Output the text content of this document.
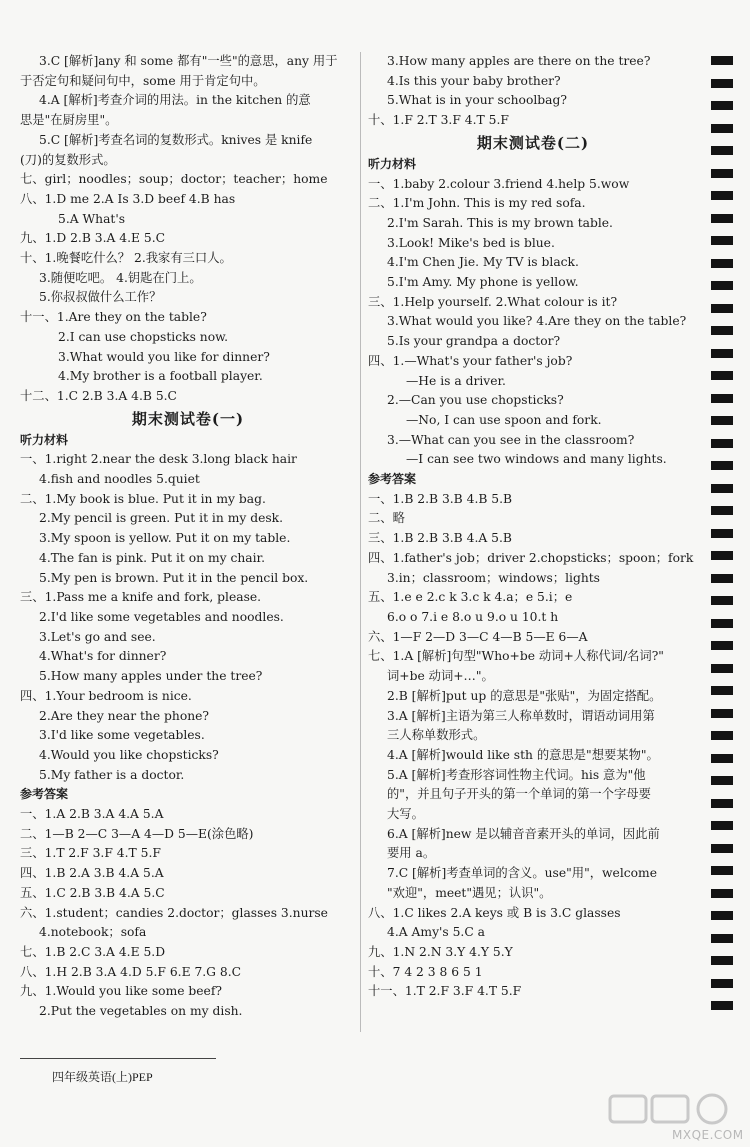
3.C [解析]any 和 some 都有"一些"的意思，any 用于
于否定句和疑问句中，some 用于肯定句中。
4.A [解析]考查介词的用法。in the kitchen 的意
思是"在厨房里"。
5.C [解析]考查名词的复数形式。knives 是 knife
(刀)的复数形式。
七、girl；noodles；soup；doctor；teacher；home
八、1.D me 2.A Is 3.D beef 4.B has
5.A What's
九、1.D 2.B 3.A 4.E 5.C
十、1.晚餐吃什么？ 2.我家有三口人。
3.随便吃吧。 4.钥匙在门上。
5.你叔叔做什么工作？
十一、1.Are they on the table?
2.I can use chopsticks now.
3.What would you like for dinner?
4.My brother is a football player.
十二、1.C 2.B 3.A 4.B 5.C
期末测试卷(一)
听力材料
一、1.right 2.near the desk 3.long black hair
4.fish and noodles 5.quiet
二、1.My book is blue. Put it in my bag.
2.My pencil is green. Put it in my desk.
3.My spoon is yellow. Put it on my table.
4.The fan is pink. Put it on my chair.
5.My pen is brown. Put it in the pencil box.
三、1.Pass me a knife and fork, please.
2.I'd like some vegetables and noodles.
3.Let's go and see.
4.What's for dinner?
5.How many apples under the tree?
四、1.Your bedroom is nice.
2.Are they near the phone?
3.I'd like some vegetables.
4.Would you like chopsticks?
5.My father is a doctor.
参考答案
一、1.A 2.B 3.A 4.A 5.A
二、1—B 2—C 3—A 4—D 5—E(涂色略)
三、1.T 2.F 3.F 4.T 5.F
四、1.B 2.A 3.B 4.A 5.A
五、1.C 2.B 3.B 4.A 5.C
六、1.student；candies 2.doctor；glasses 3.nurse
4.notebook；sofa
七、1.B 2.C 3.A 4.E 5.D
八、1.H 2.B 3.A 4.D 5.F 6.E 7.G 8.C
九、1.Would you like some beef?
2.Put the vegetables on my dish.
3.How many apples are there on the tree?
4.Is this your baby brother?
5.What is in your schoolbag?
十、1.F 2.T 3.F 4.T 5.F
期末测试卷(二)
听力材料
一、1.baby 2.colour 3.friend 4.help 5.wow
二、1.I'm John. This is my red sofa.
2.I'm Sarah. This is my brown table.
3.Look! Mike's bed is blue.
4.I'm Chen Jie. My TV is black.
5.I'm Amy. My phone is yellow.
三、1.Help yourself. 2.What colour is it?
3.What would you like? 4.Are they on the table?
5.Is your grandpa a doctor?
四、1.—What's your father's job?
—He is a driver.
2.—Can you use chopsticks?
—No, I can use spoon and fork.
3.—What can you see in the classroom?
—I can see two windows and many lights.
参考答案
一、1.B 2.B 3.B 4.B 5.B
二、略
三、1.B 2.B 3.B 4.A 5.B
四、1.father's job；driver 2.chopsticks；spoon；fork
3.in；classroom；windows；lights
五、1.e e 2.c k 3.c k 4.a；e 5.i；e
6.o o 7.i e 8.o u 9.o u 10.t h
六、1—F 2—D 3—C 4—B 5—E 6—A
七、1.A [解析]句型"Who+be 动词+人称代词/名词?"
词+be 动词+…"。
2.B [解析]put up 的意思是"张贴"，为固定搭配。
3.A [解析]主语为第三人称单数时，谓语动词用第
三人称单数形式。
4.A [解析]would like sth 的意思是"想要某物"。
5.A [解析]考查形容词性物主代词。his 意为"他
的"，并且句子开头的第一个单词的第一个字母要
大写。
6.A [解析]new 是以辅音音素开头的单词，因此前
要用 a。
7.C [解析]考查单词的含义。use"用"，welcome
"欢迎"，meet"遇见；认识"。
八、1.C likes 2.A keys 或 B is 3.C glasses
4.A Amy's 5.C a
九、1.N 2.N 3.Y 4.Y 5.Y
十、7 4 2 3 8 6 5 1
十一、1.T 2.F 3.F 4.T 5.F
四年级英语(上)PEP
MXQE.COM
